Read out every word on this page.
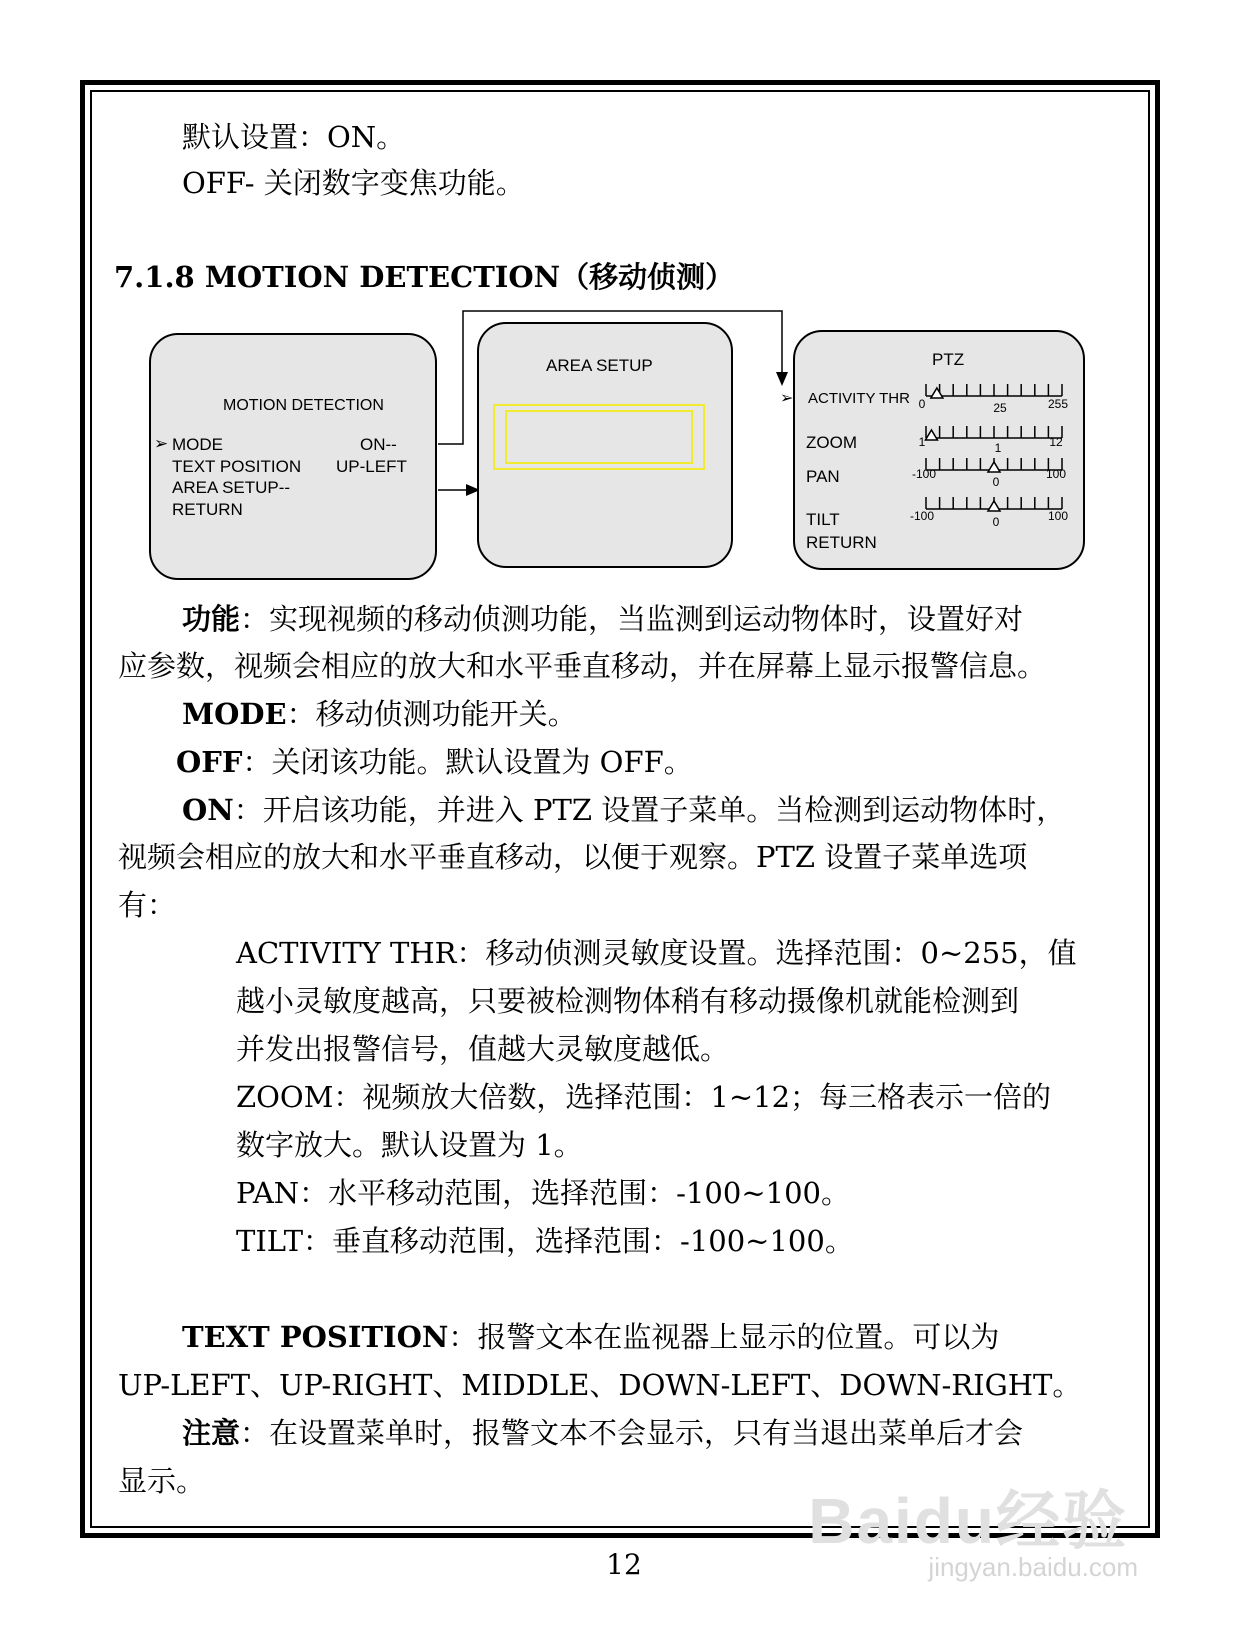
默认设置：ON。
OFF- 关闭数字变焦功能。
7.1.8 MOTION DETECTION（移动侦测）
MOTION DETECTION
➢ MODE	ON--
TEXT POSITION UP-LEFT
AREA SETUP--
RETURN
AREA SETUP	PTZ
➢ ACTIVITY THR
ZOOM
PAN
TILT
RETURN
0	25	255
1	1	12
-100
0
100
-100	0	100
功能：实现视频的移动侦测功能，当监测到运动物体时，设置好对
应参数，视频会相应的放大和水平垂直移动，并在屏幕上显示报警信息。
MODE：移动侦测功能开关。
OFF：关闭该功能。默认设置为 OFF。
ON：开启该功能，并进入 PTZ 设置子菜单。当检测到运动物体时，
视频会相应的放大和水平垂直移动，以便于观察。PTZ 设置子菜单选项
有：
ACTIVITY THR：移动侦测灵敏度设置。选择范围：0~255，值
越小灵敏度越高，只要被检测物体稍有移动摄像机就能检测到
并发出报警信号，值越大灵敏度越低。
ZOOM：视频放大倍数，选择范围：1~12；每三格表示一倍的
数字放大。默认设置为 1。
PAN：水平移动范围，选择范围：-100~100。
TILT：垂直移动范围，选择范围：-100~100。
TEXT POSITION：报警文本在监视器上显示的位置。可以为
UP-LEFT、UP-RIGHT、MIDDLE、DOWN-LEFT、DOWN-RIGHT。
注意：在设置菜单时，报警文本不会显示，只有当退出菜单后才会
显示。
Baidu经验
jingyan.baidu.com
12
